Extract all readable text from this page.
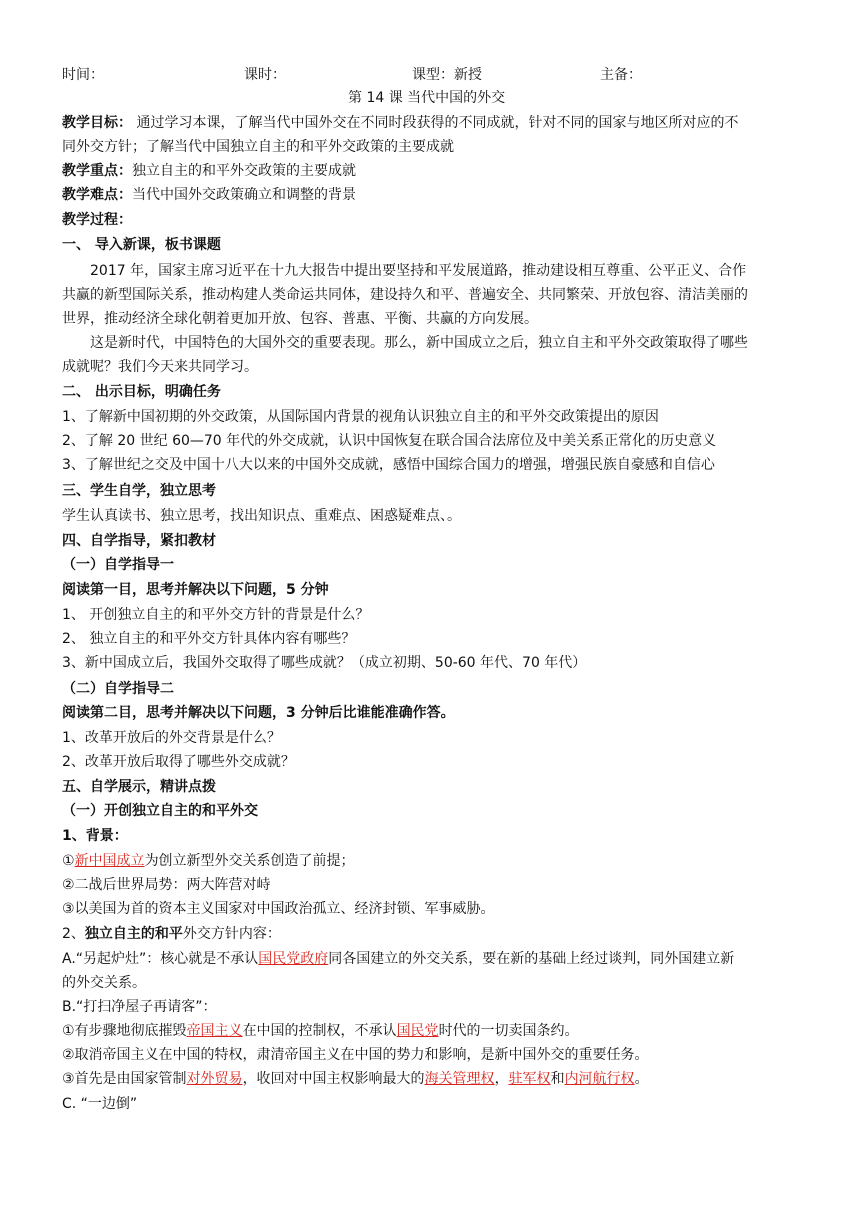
时间：	课时：	课型：新授	主备：
第 14 课 当代中国的外交
教学目标： 通过学习本课，了解当代中国外交在不同时段获得的不同成就，针对不同的国家与地区所对应的不
同外交方针；了解当代中国独立自主的和平外交政策的主要成就
教学重点：独立自主的和平外交政策的主要成就
教学难点：当代中国外交政策确立和调整的背景
教学过程：
一、 导入新课，板书课题
2017 年，国家主席习近平在十九大报告中提出要坚持和平发展道路，推动建设相互尊重、公平正义、合作
共赢的新型国际关系，推动构建人类命运共同体，建设持久和平、普遍安全、共同繁荣、开放包容、清洁美丽的
世界，推动经济全球化朝着更加开放、包容、普惠、平衡、共赢的方向发展。
这是新时代，中国特色的大国外交的重要表现。那么，新中国成立之后，独立自主和平外交政策取得了哪些
成就呢？我们今天来共同学习。
二、 出示目标，明确任务
1、了解新中国初期的外交政策，从国际国内背景的视角认识独立自主的和平外交政策提出的原因
2、了解 20 世纪 60—70 年代的外交成就，认识中国恢复在联合国合法席位及中美关系正常化的历史意义
3、了解世纪之交及中国十八大以来的中国外交成就，感悟中国综合国力的增强，增强民族自豪感和自信心
三、学生自学，独立思考
学生认真读书、独立思考，找出知识点、重难点、困惑疑难点、。
四、自学指导，紧扣教材
（一）自学指导一
阅读第一目，思考并解决以下问题，5 分钟
1、 开创独立自主的和平外交方针的背景是什么？
2、 独立自主的和平外交方针具体内容有哪些？
3、新中国成立后，我国外交取得了哪些成就？（成立初期、50-60 年代、70 年代）
（二）自学指导二
阅读第二目，思考并解决以下问题，3 分钟后比谁能准确作答。
1、改革开放后的外交背景是什么？
2、改革开放后取得了哪些外交成就？
五、自学展示，精讲点拨
（一）开创独立自主的和平外交
1、背景：
①新中国成立为创立新型外交关系创造了前提；
②二战后世界局势：两大阵营对峙
③以美国为首的资本主义国家对中国政治孤立、经济封锁、军事威胁。
2、独立自主的和平外交方针内容：
A.“另起炉灶”：核心就是不承认国民党政府同各国建立的外交关系，要在新的基础上经过谈判，同外国建立新
的外交关系。
B.“打扫净屋子再请客”：
①有步骤地彻底摧毁帝国主义在中国的控制权，不承认国民党时代的一切卖国条约。
②取消帝国主义在中国的特权，肃清帝国主义在中国的势力和影响，是新中国外交的重要任务。
③首先是由国家管制对外贸易，收回对中国主权影响最大的海关管理权，驻军权和内河航行权。
C. “一边倒”
